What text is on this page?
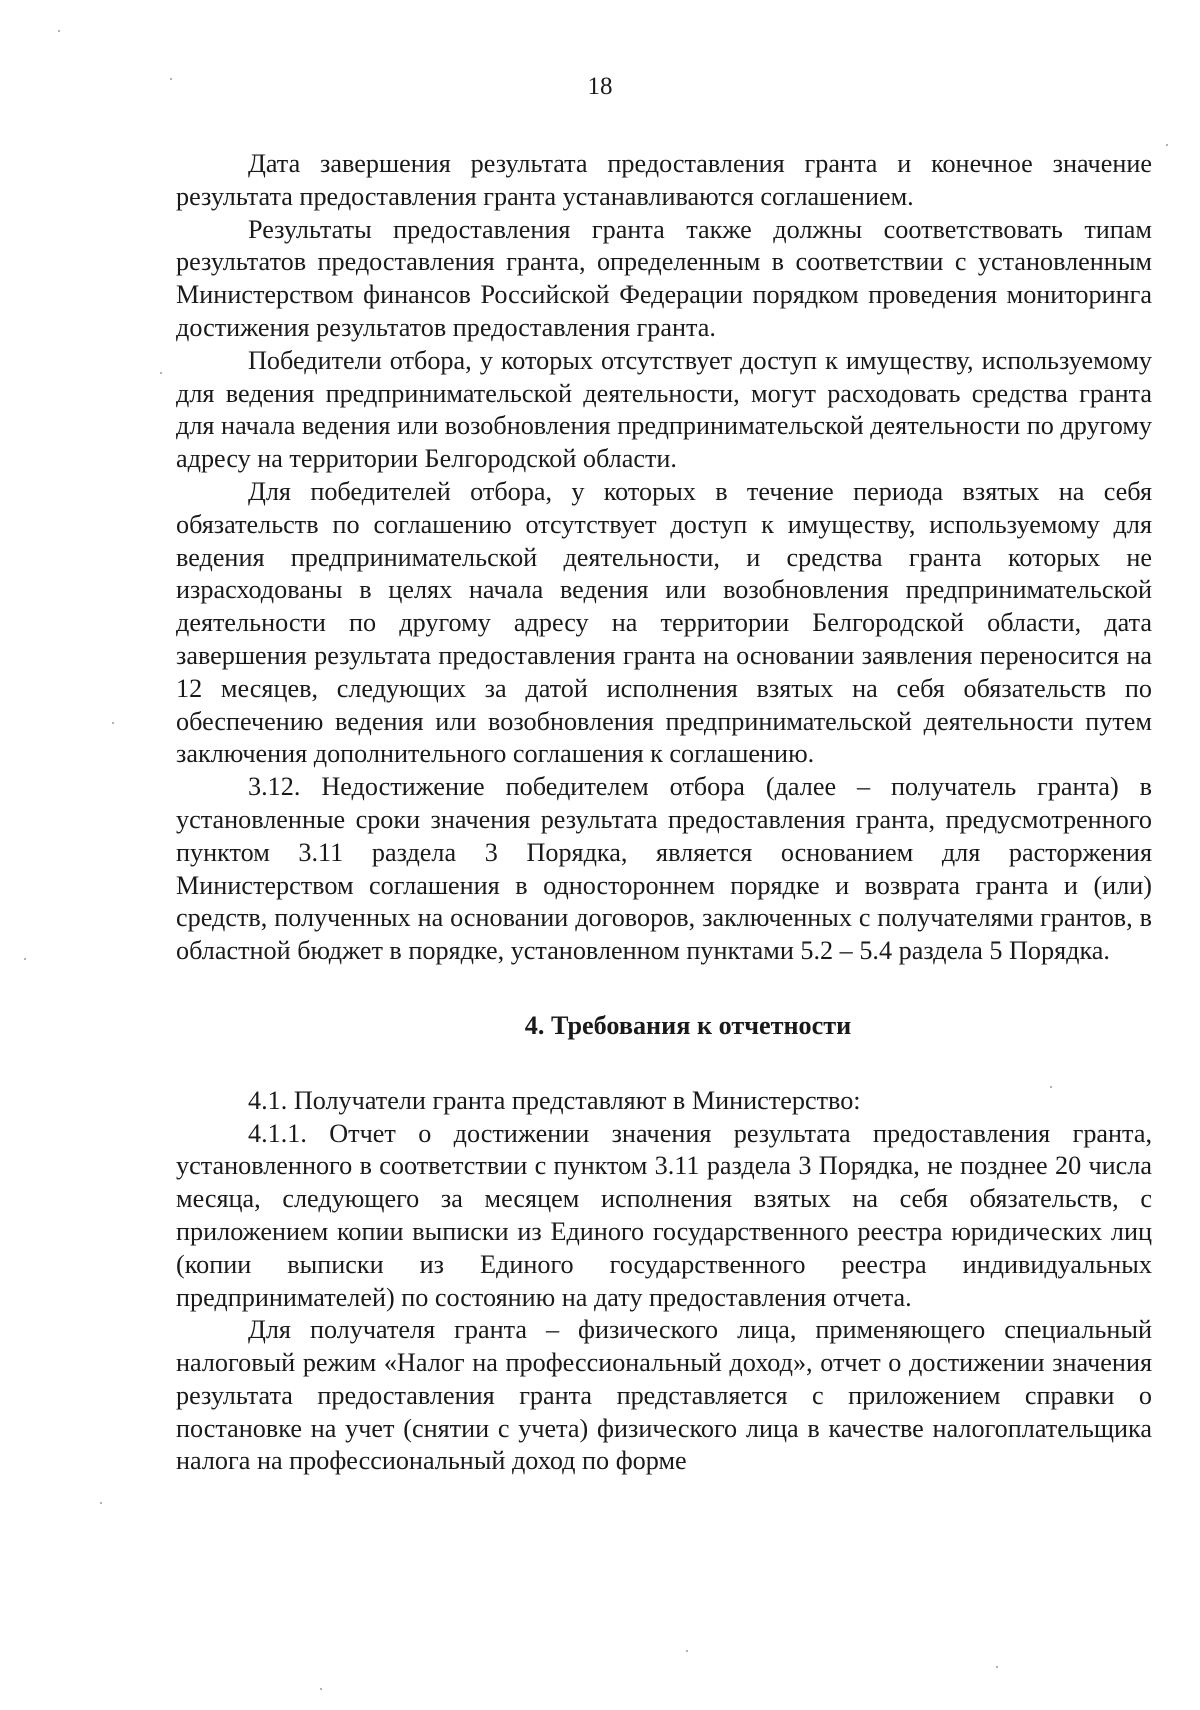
18

Дата завершения результата предоставления гранта и конечное значение результата предоставления гранта устанавливаются соглашением.

Результаты предоставления гранта также должны соответствовать типам результатов предоставления гранта, определенным в соответствии с установленным Министерством финансов Российской Федерации порядком проведения мониторинга достижения результатов предоставления гранта.

Победители отбора, у которых отсутствует доступ к имуществу, используемому для ведения предпринимательской деятельности, могут расходовать средства гранта для начала ведения или возобновления предпринимательской деятельности по другому адресу на территории Белгородской области.

Для победителей отбора, у которых в течение периода взятых на себя обязательств по соглашению отсутствует доступ к имуществу, используемому для ведения предпринимательской деятельности, и средства гранта которых не израсходованы в целях начала ведения или возобновления предпринимательской деятельности по другому адресу на территории Белгородской области, дата завершения результата предоставления гранта на основании заявления переносится на 12 месяцев, следующих за датой исполнения взятых на себя обязательств по обеспечению ведения или возобновления предпринимательской деятельности путем заключения дополнительного соглашения к соглашению.

3.12. Недостижение победителем отбора (далее – получатель гранта) в установленные сроки значения результата предоставления гранта, предусмотренного пунктом 3.11 раздела 3 Порядка, является основанием для расторжения Министерством соглашения в одностороннем порядке и возврата гранта и (или) средств, полученных на основании договоров, заключенных с получателями грантов, в областной бюджет в порядке, установленном пунктами 5.2 – 5.4 раздела 5 Порядка.

4. Требования к отчетности

4.1. Получатели гранта представляют в Министерство:

4.1.1. Отчет о достижении значения результата предоставления гранта, установленного в соответствии с пунктом 3.11 раздела 3 Порядка, не позднее 20 числа месяца, следующего за месяцем исполнения взятых на себя обязательств, с приложением копии выписки из Единого государственного реестра юридических лиц (копии выписки из Единого государственного реестра индивидуальных предпринимателей) по состоянию на дату предоставления отчета.

Для получателя гранта – физического лица, применяющего специальный налоговый режим «Налог на профессиональный доход», отчет о достижении значения результата предоставления гранта представляется с приложением справки о постановке на учет (снятии с учета) физического лица в качестве налогоплательщика налога на профессиональный доход по форме
